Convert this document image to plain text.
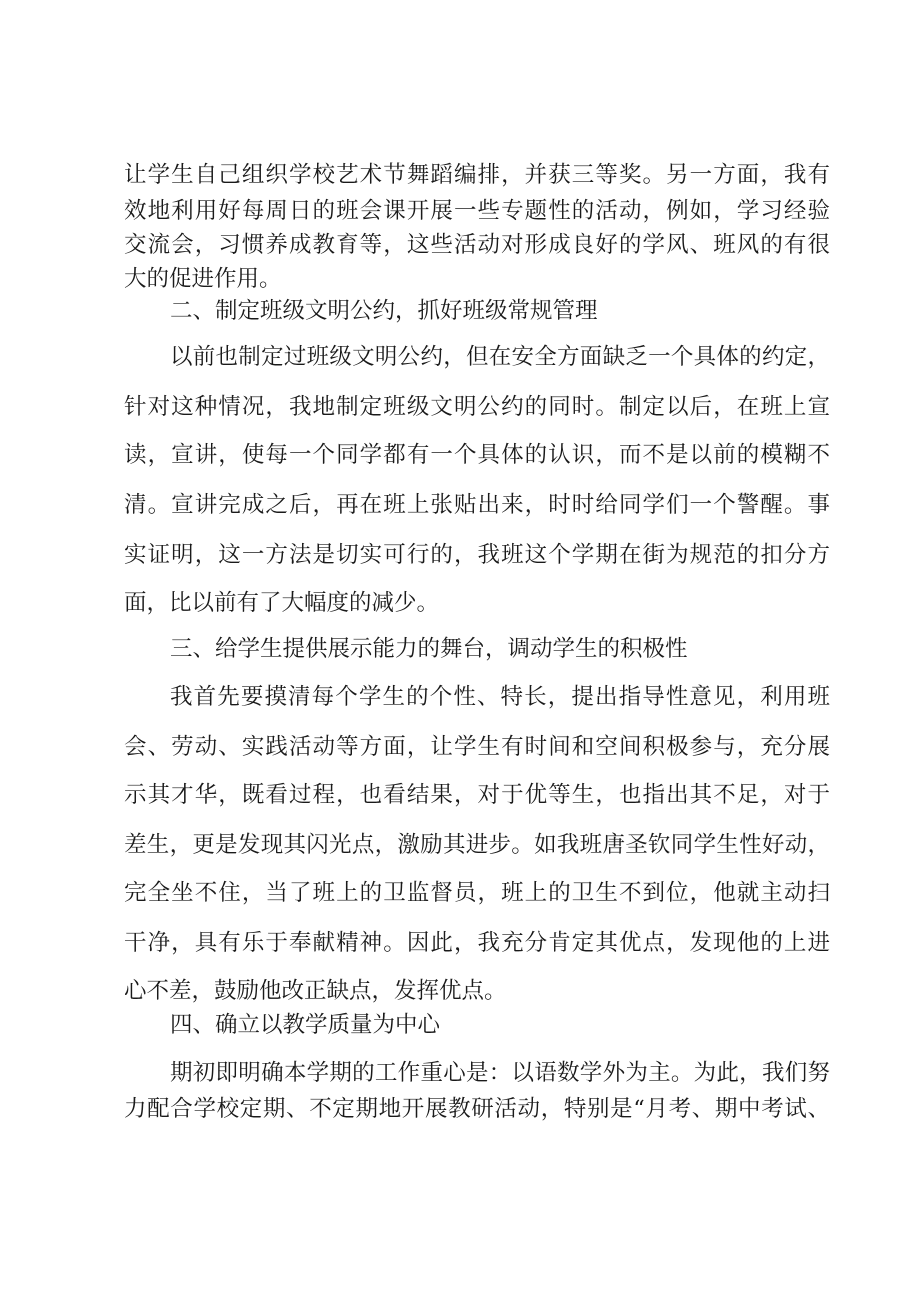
让学生自己组织学校艺术节舞蹈编排，并获三等奖。另一方面，我有
效地利用好每周日的班会课开展一些专题性的活动，例如，学习经验
交流会，习惯养成教育等，这些活动对形成良好的学风、班风的有很
大的促进作用。
二、制定班级文明公约，抓好班级常规管理
以前也制定过班级文明公约，但在安全方面缺乏一个具体的约定，
针对这种情况，我地制定班级文明公约的同时。制定以后，在班上宣
读，宣讲，使每一个同学都有一个具体的认识，而不是以前的模糊不
清。宣讲完成之后，再在班上张贴出来，时时给同学们一个警醒。事
实证明，这一方法是切实可行的，我班这个学期在街为规范的扣分方
面，比以前有了大幅度的减少。
三、给学生提供展示能力的舞台，调动学生的积极性
我首先要摸清每个学生的个性、特长，提出指导性意见，利用班
会、劳动、实践活动等方面，让学生有时间和空间积极参与，充分展
示其才华，既看过程，也看结果，对于优等生，也指出其不足，对于
差生，更是发现其闪光点，激励其进步。如我班唐圣钦同学生性好动，
完全坐不住，当了班上的卫监督员，班上的卫生不到位，他就主动扫
干净，具有乐于奉献精神。因此，我充分肯定其优点，发现他的上进
心不差，鼓励他改正缺点，发挥优点。
四、确立以教学质量为中心
期初即明确本学期的工作重心是：以语数学外为主。为此，我们努
力配合学校定期、不定期地开展教研活动，特别是“月考、期中考试、
